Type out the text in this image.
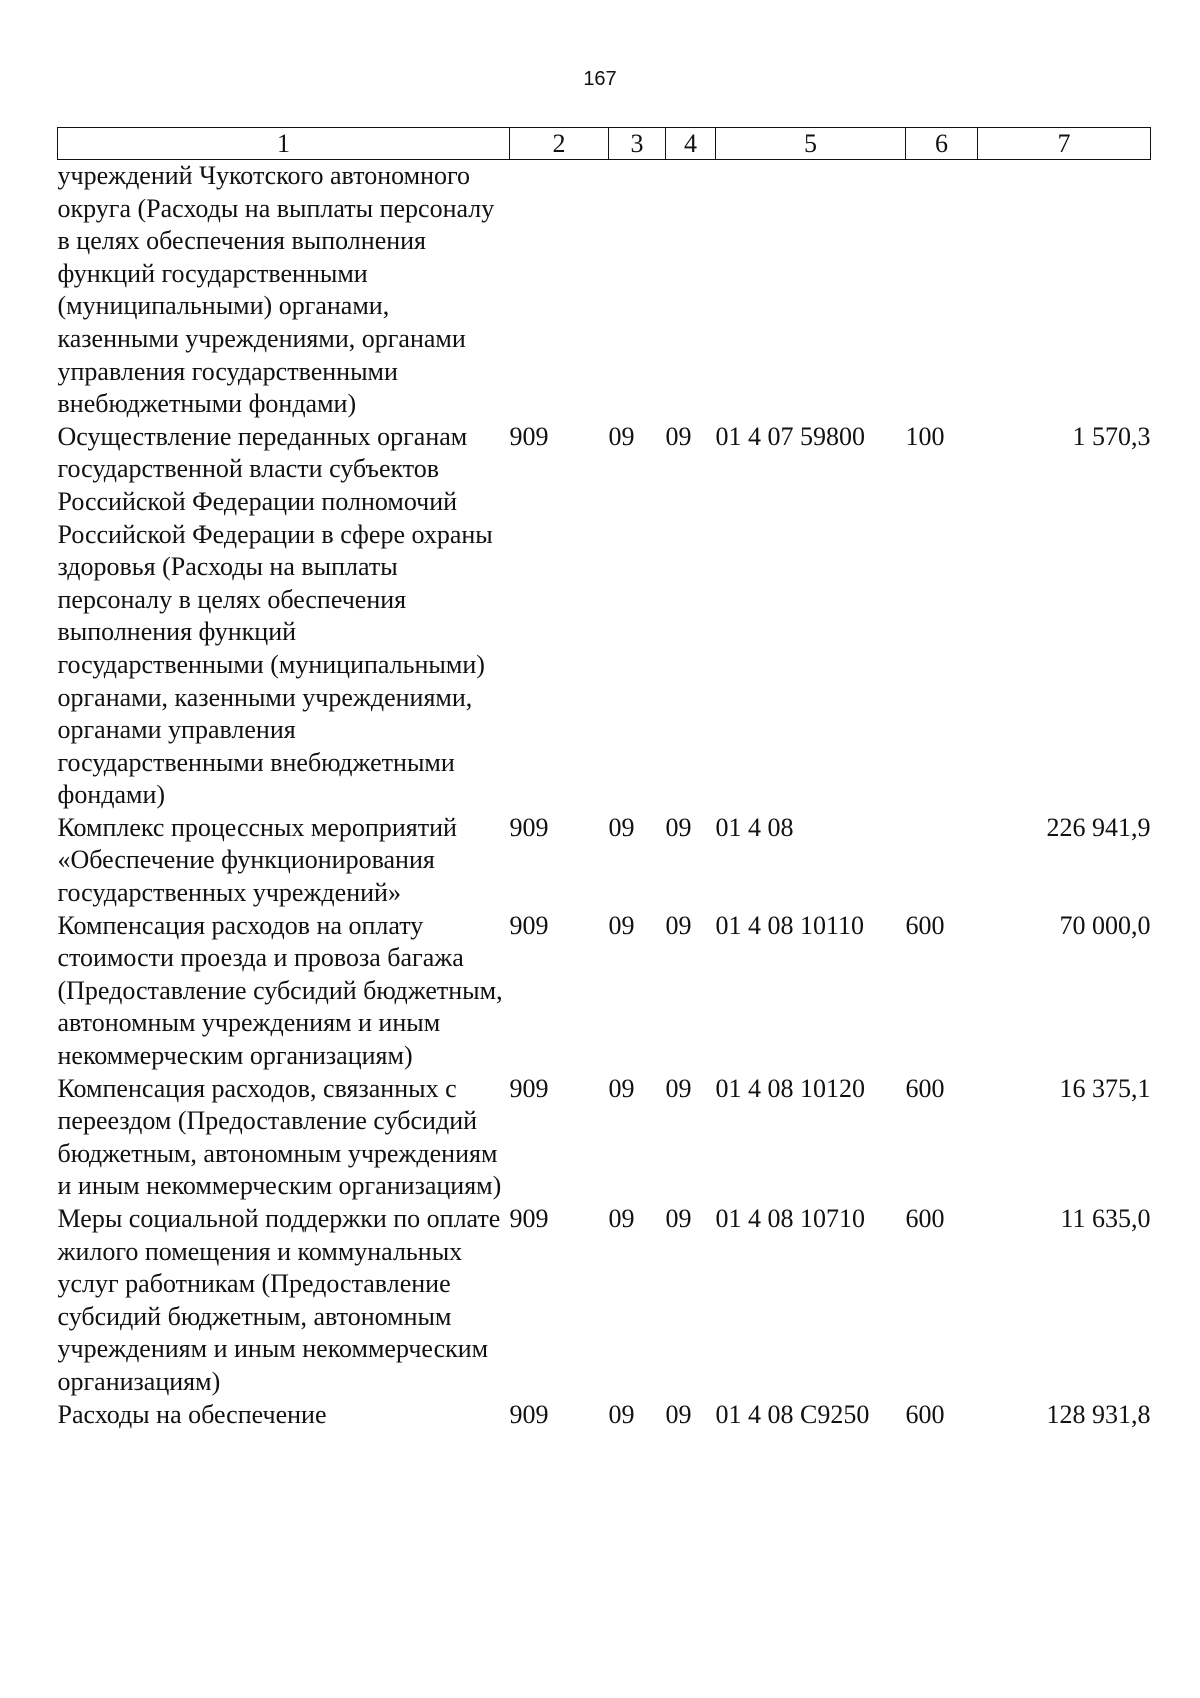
167
1	2	3	4	5	6	7
учреждений Чукотского автономного округа (Расходы на выплаты персоналу в целях обеспечения выполнения функций государственными (муниципальными) органами, казенными учреждениями, органами управления государственными внебюджетными фондами)						
Осуществление переданных органам государственной власти субъектов Российской Федерации полномочий Российской Федерации в сфере охраны здоровья (Расходы на выплаты персоналу в целях обеспечения выполнения функций государственными (муниципальными) органами, казенными учреждениями, органами управления государственными внебюджетными фондами)	909	09	09	01 4 07 59800	100	1 570,3
Комплекс процессных мероприятий «Обеспечение функционирования государственных учреждений»	909	09	09	01 4 08		226 941,9
Компенсация расходов на оплату стоимости проезда и провоза багажа (Предоставление субсидий бюджетным, автономным учреждениям и иным некоммерческим организациям)	909	09	09	01 4 08 10110	600	70 000,0
Компенсация расходов, связанных с переездом (Предоставление субсидий бюджетным, автономным учреждениям и иным некоммерческим организациям)	909	09	09	01 4 08 10120	600	16 375,1
Меры социальной поддержки по оплате жилого помещения и коммунальных услуг работникам (Предоставление субсидий бюджетным, автономным учреждениям и иным некоммерческим организациям)	909	09	09	01 4 08 10710	600	11 635,0
Расходы на обеспечение	909	09	09	01 4 08 С9250	600	128 931,8
